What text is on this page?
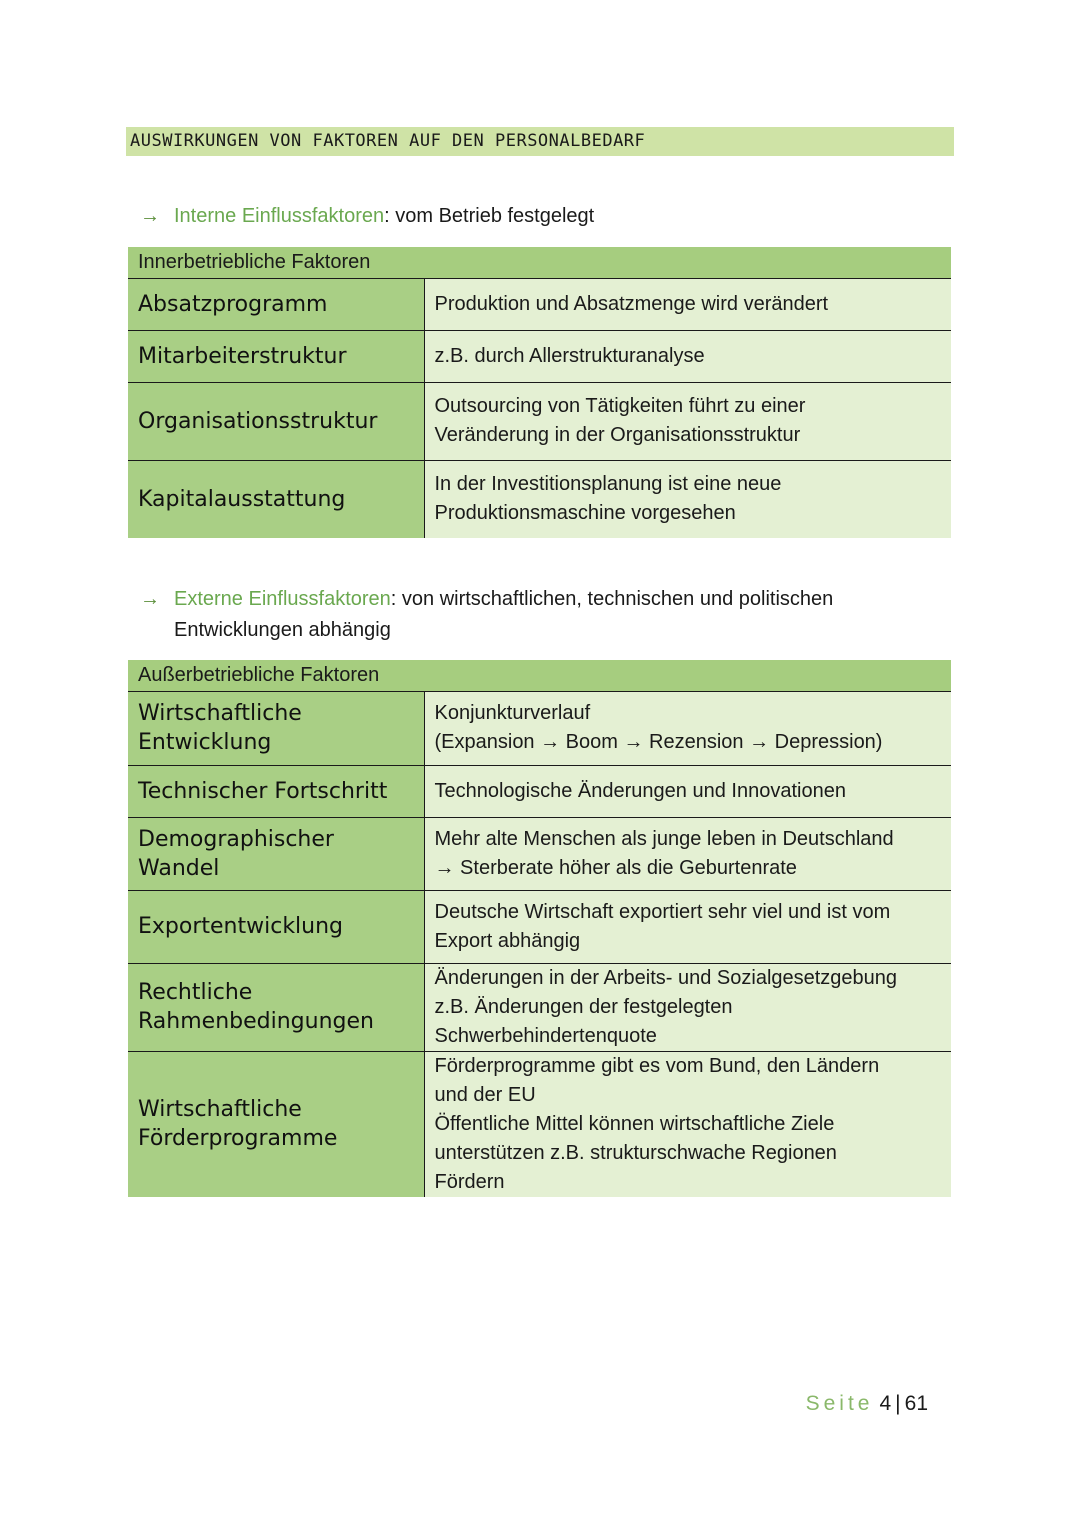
AUSWIRKUNGEN VON FAKTOREN AUF DEN PERSONALBEDARF
→ Interne Einflussfaktoren: vom Betrieb festgelegt
Innerbetriebliche Faktoren	
Absatzprogramm	Produktion und Absatzmenge wird verändert
Mitarbeiterstruktur	z.B. durch Allerstrukturanalyse
Organisationsstruktur	Outsourcing von Tätigkeiten führt zu einer
Veränderung in der Organisationsstruktur
Kapitalausstattung	In der Investitionsplanung ist eine neue
Produktionsmaschine vorgesehen
→ Externe Einflussfaktoren: von wirtschaftlichen, technischen und politischen
Entwicklungen abhängig
Außerbetriebliche Faktoren	
Wirtschaftliche
Entwicklung	Konjunkturverlauf
(Expansion → Boom → Rezension → Depression)
Technischer Fortschritt	Technologische Änderungen und Innovationen
Demographischer
Wandel	Mehr alte Menschen als junge leben in Deutschland
→ Sterberate höher als die Geburtenrate
Exportentwicklung	Deutsche Wirtschaft exportiert sehr viel und ist vom
Export abhängig
Rechtliche
Rahmenbedingungen	Änderungen in der Arbeits- und Sozialgesetzgebung
z.B. Änderungen der festgelegten
Schwerbehindertenquote
Wirtschaftliche
Förderprogramme	Förderprogramme gibt es vom Bund, den Ländern
und der EU
Öffentliche Mittel können wirtschaftliche Ziele
unterstützen z.B. strukturschwache Regionen
Fördern
Seite 4 | 61
